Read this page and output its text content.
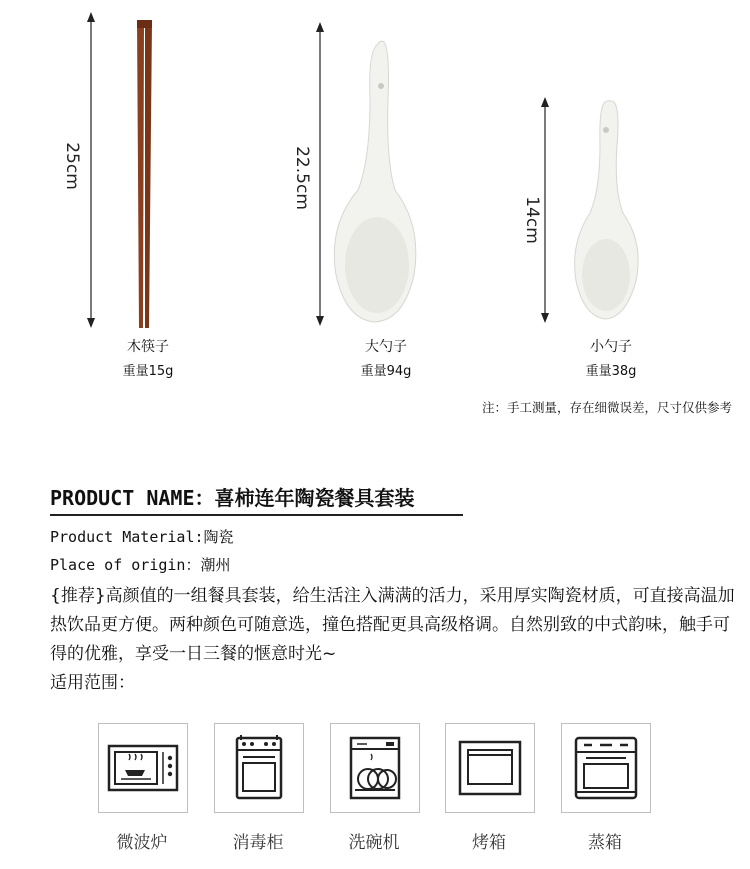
25cm	22.5cm
14cm
木筷子
重量15g
大勺子
重量94g
小勺子
重量38g
注：手工测量，存在细微误差，尺寸仅供参考
PRODUCT NAME：喜柿连年陶瓷餐具套装
Product Material:陶瓷
Place of origin：潮州
{推荐}高颜值的一组餐具套装，给生活注入满满的活力，采用厚实陶瓷材质，可直接高温加热饮品更方便。两种颜色可随意选，撞色搭配更具高级格调。自然别致的中式韵味，触手可得的优雅，享受一日三餐的惬意时光~
适用范围：
微波炉	消毒柜	洗碗机	烤箱	蒸箱
